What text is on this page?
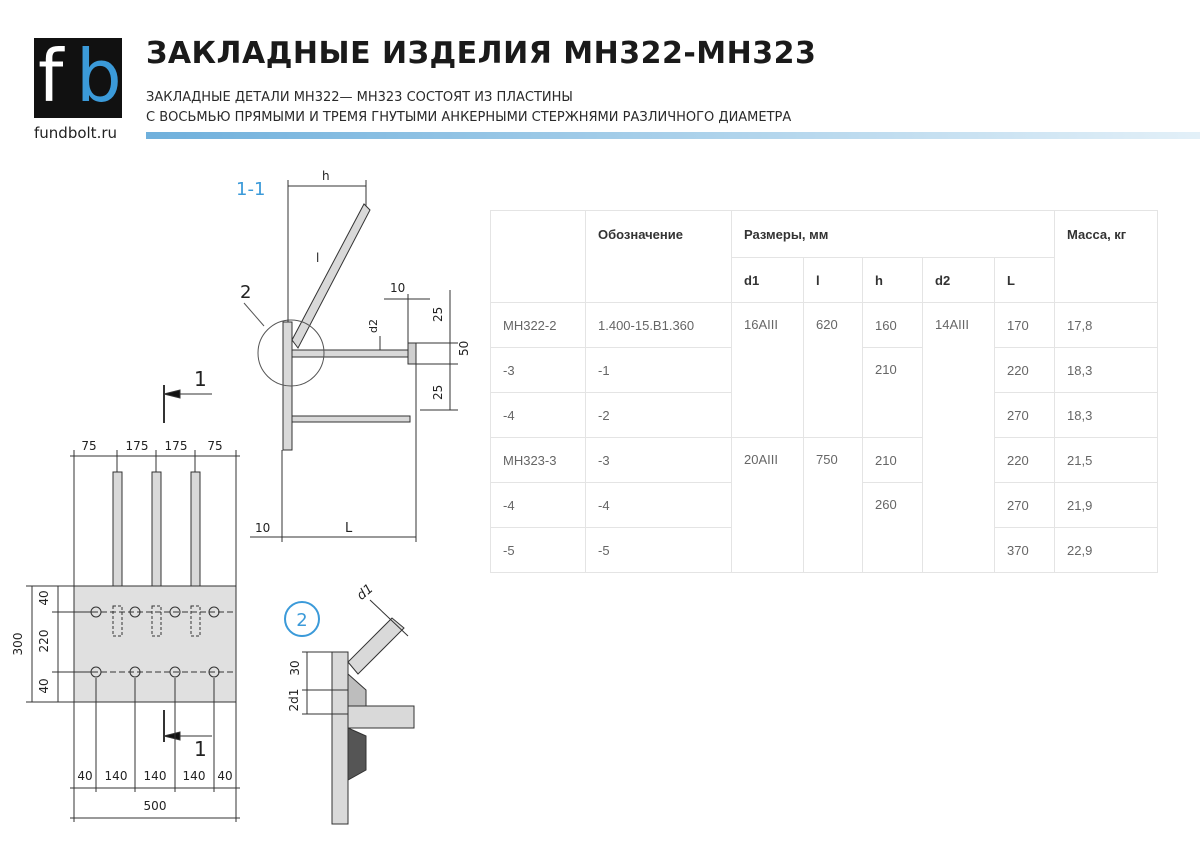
f b
fundbolt.ru
ЗАКЛАДНЫЕ ИЗДЕЛИЯ МН322-МН323
ЗАКЛАДНЫЕ ДЕТАЛИ МН322— МН323 СОСТОЯТ ИЗ ПЛАСТИНЫ
С ВОСЬМЬЮ ПРЯМЫМИ И ТРЕМЯ ГНУТЫМИ АНКЕРНЫМИ СТЕРЖНЯМИ РАЗЛИЧНОГО ДИАМЕТРА
1-1
h
l
2	10
d2
25
50
25
10	L
1
1
75 175 175 75
300
40
220
40
40 140 140 140 40
500
2
d1
30
2d1
	Обозначение	Размеры, мм					Масса, кг
		d1	l	h	d2	L	
МН322-2	1.400-15.В1.360	16AIII	620	160	14AIII	170	17,8
-3	-1			210		220	18,3
-4	-2					270	18,3
МН323-3	-3	20AIII	750	210		220	21,5
-4	-4			260		270	21,9
-5	-5					370	22,9
